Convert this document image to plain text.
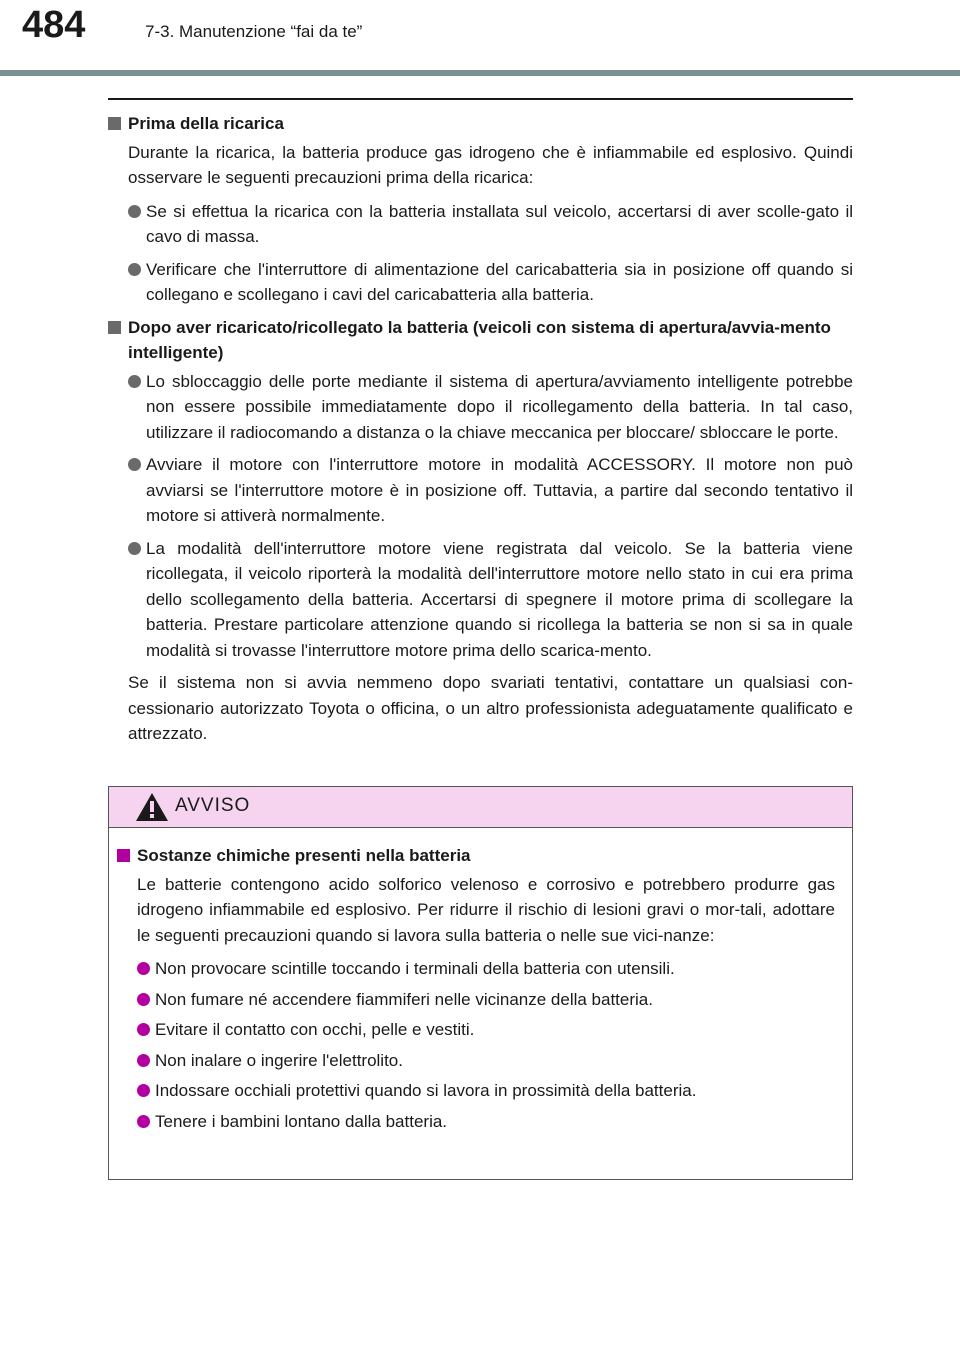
484	7-3. Manutenzione “fai da te”
Prima della ricarica
Durante la ricarica, la batteria produce gas idrogeno che è infiammabile ed esplosivo. Quindi osservare le seguenti precauzioni prima della ricarica:
Se si effettua la ricarica con la batteria installata sul veicolo, accertarsi di aver scolle-gato il cavo di massa.
Verificare che l'interruttore di alimentazione del caricabatteria sia in posizione off quando si collegano e scollegano i cavi del caricabatteria alla batteria.
Dopo aver ricaricato/ricollegato la batteria (veicoli con sistema di apertura/avvia-mento intelligente)
Lo sbloccaggio delle porte mediante il sistema di apertura/avviamento intelligente potrebbe non essere possibile immediatamente dopo il ricollegamento della batteria. In tal caso, utilizzare il radiocomando a distanza o la chiave meccanica per bloccare/ sbloccare le porte.
Avviare il motore con l'interruttore motore in modalità ACCESSORY. Il motore non può avviarsi se l'interruttore motore è in posizione off. Tuttavia, a partire dal secondo tentativo il motore si attiverà normalmente.
La modalità dell'interruttore motore viene registrata dal veicolo. Se la batteria viene ricollegata, il veicolo riporterà la modalità dell'interruttore motore nello stato in cui era prima dello scollegamento della batteria. Accertarsi di spegnere il motore prima di scollegare la batteria. Prestare particolare attenzione quando si ricollega la batteria se non si sa in quale modalità si trovasse l'interruttore motore prima dello scarica-mento.
Se il sistema non si avvia nemmeno dopo svariati tentativi, contattare un qualsiasi con-cessionario autorizzato Toyota o officina, o un altro professionista adeguatamente qualificato e attrezzato.
AVVISO
Sostanze chimiche presenti nella batteria
Le batterie contengono acido solforico velenoso e corrosivo e potrebbero produrre gas idrogeno infiammabile ed esplosivo. Per ridurre il rischio di lesioni gravi o mor-tali, adottare le seguenti precauzioni quando si lavora sulla batteria o nelle sue vici-nanze:
Non provocare scintille toccando i terminali della batteria con utensili.
Non fumare né accendere fiammiferi nelle vicinanze della batteria.
Evitare il contatto con occhi, pelle e vestiti.
Non inalare o ingerire l'elettrolito.
Indossare occhiali protettivi quando si lavora in prossimità della batteria.
Tenere i bambini lontano dalla batteria.
